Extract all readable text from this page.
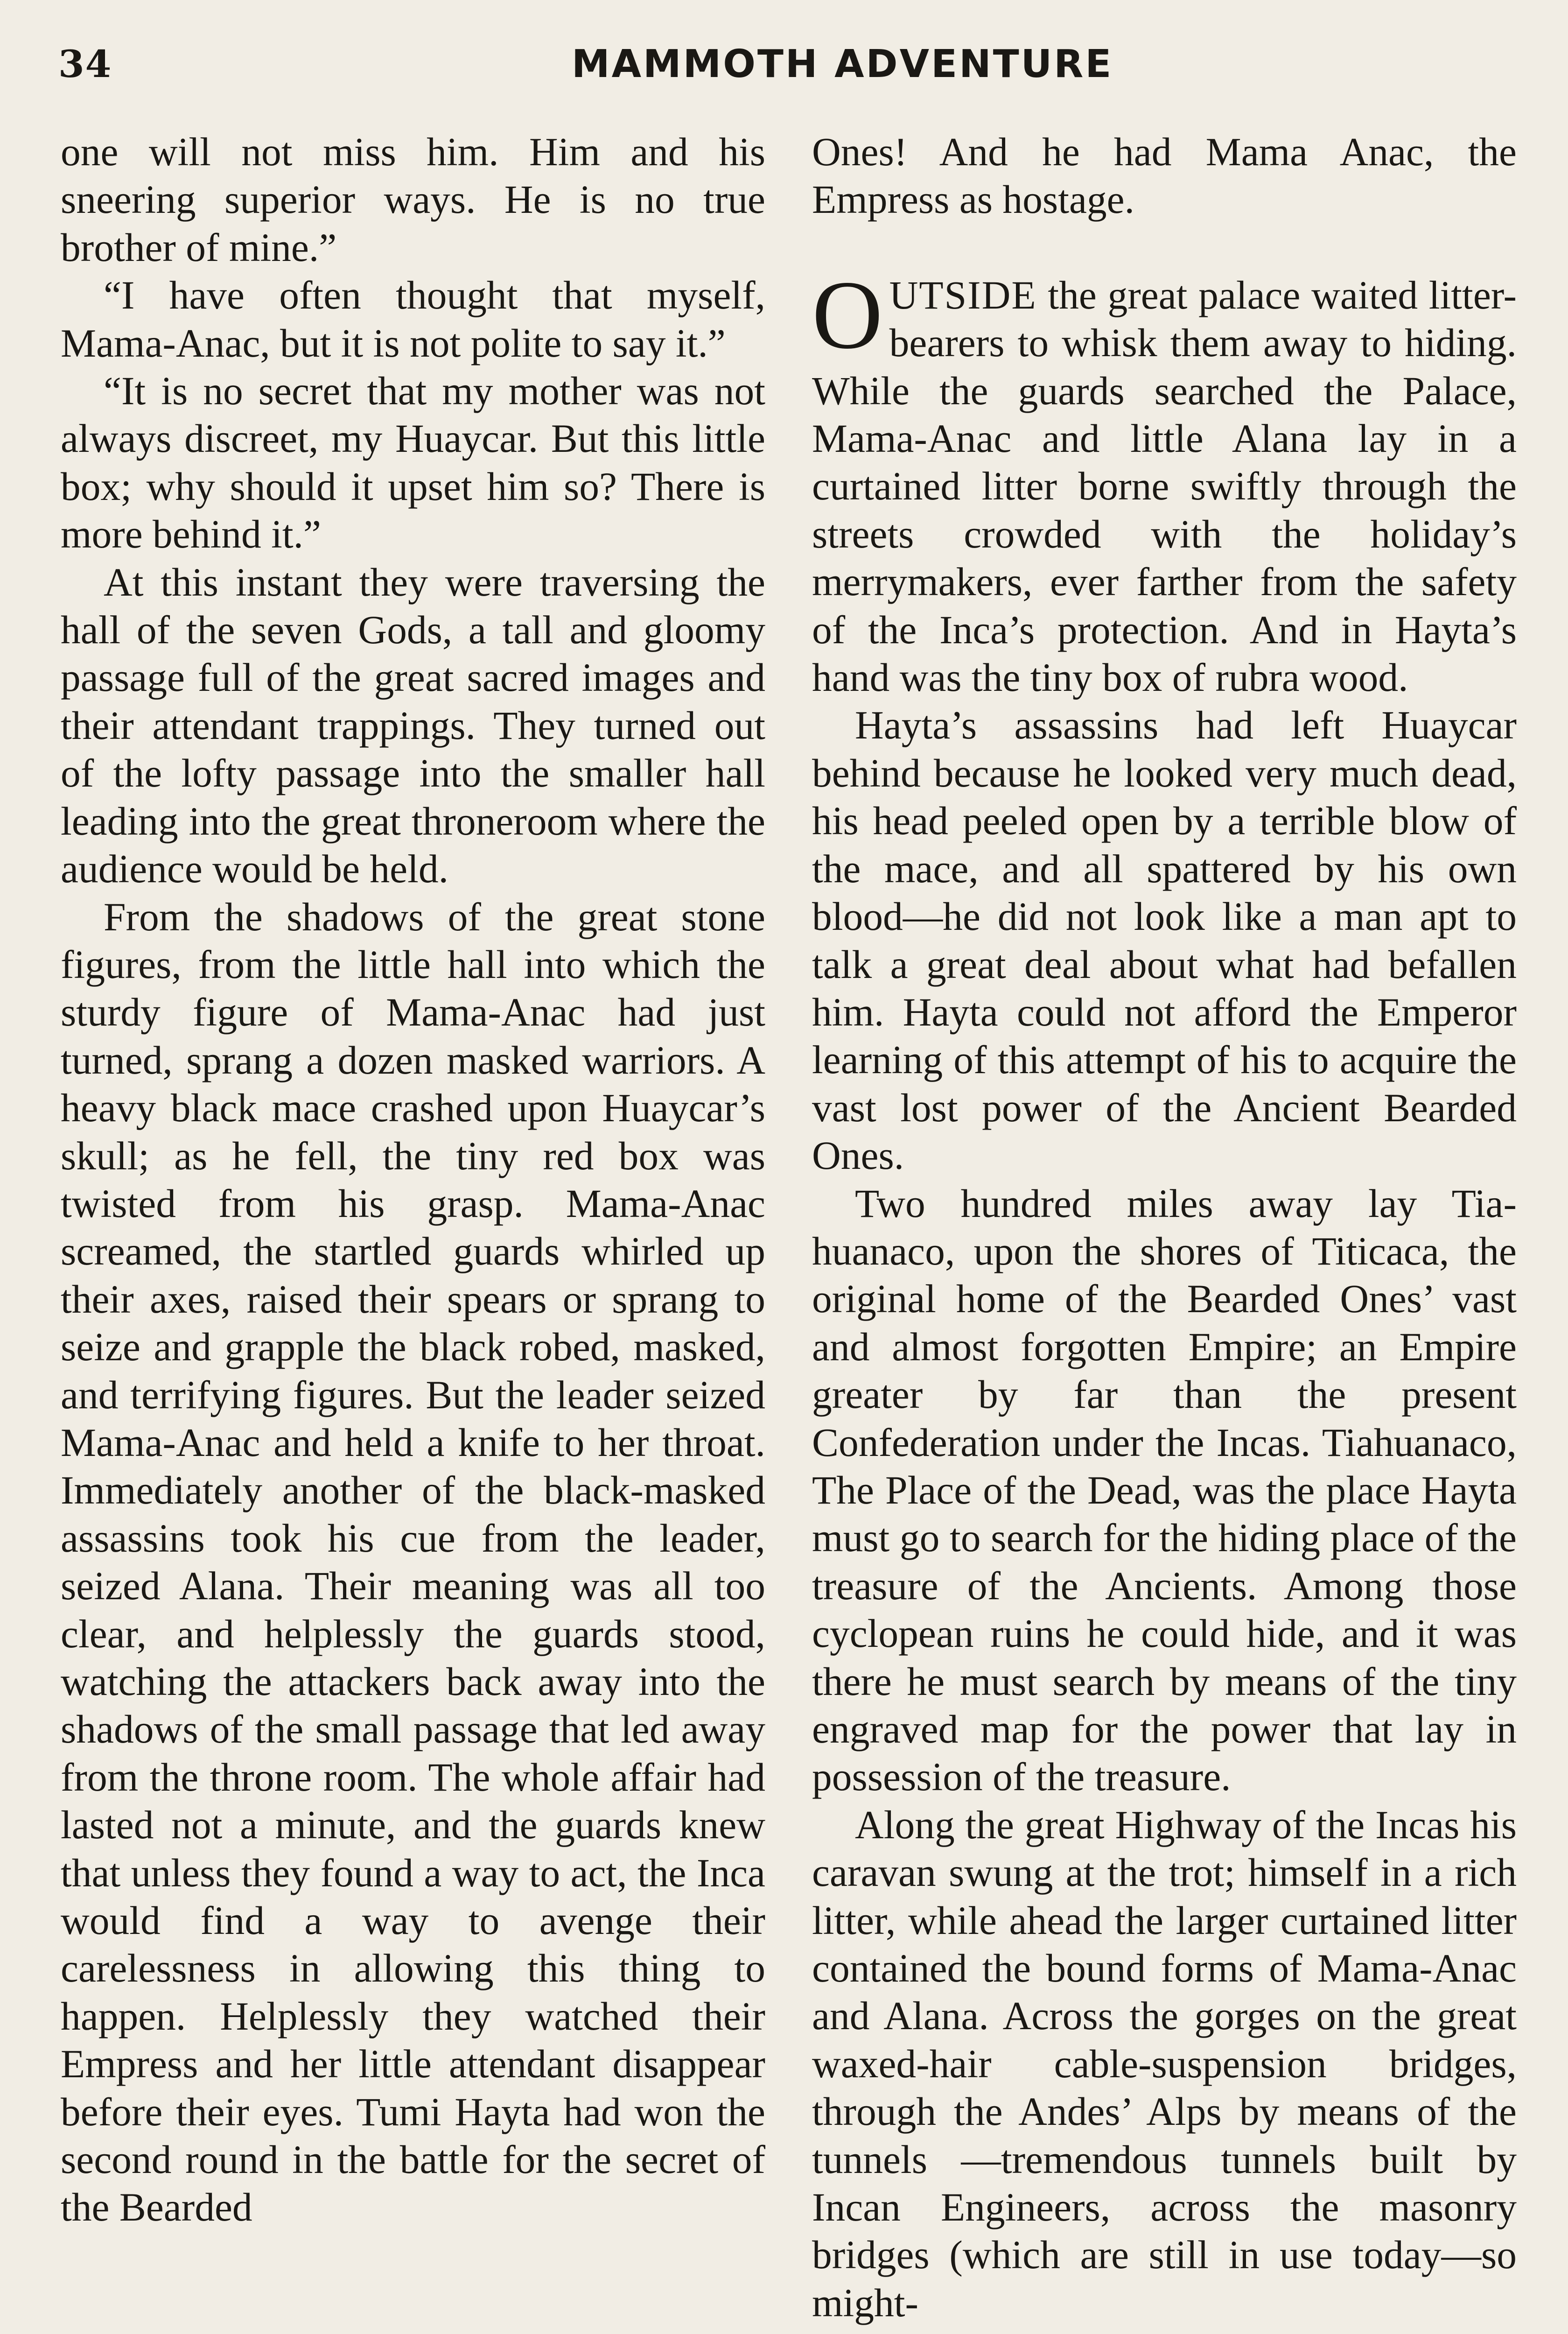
34	MAMMOTH ADVENTURE

one will not miss him. Him and his sneering superior ways. He is no true brother of mine.”

“I have often thought that myself, Mama-Anac, but it is not polite to say it.”

“It is no secret that my mother was not always discreet, my Huaycar. But this little box; why should it upset him so? There is more behind it.”

At this instant they were traversing the hall of the seven Gods, a tall and gloomy passage full of the great sacred images and their attendant trappings. They turned out of the lofty passage into the smaller hall leading into the great throneroom where the audience would be held.

From the shadows of the great stone figures, from the little hall into which the sturdy figure of Mama-Anac had just turned, sprang a dozen masked warriors. A heavy black mace crashed upon Huaycar’s skull; as he fell, the tiny red box was twisted from his grasp. Mama-Anac screamed, the startled guards whirled up their axes, raised their spears or sprang to seize and grapple the black robed, masked, and terrifying figures. But the leader seized Mama-Anac and held a knife to her throat. Immediately another of the black-masked assassins took his cue from the leader, seized Alana. Their meaning was all too clear, and helplessly the guards stood, watching the attackers back away into the shadows of the small passage that led away from the throne room. The whole affair had lasted not a minute, and the guards knew that unless they found a way to act, the Inca would find a way to avenge their carelessness in allowing this thing to happen. Helplessly they watched their Empress and her little attendant disappear before their eyes. Tumi Hayta had won the second round in the battle for the secret of the Bearded

Ones! And he had Mama Anac, the Empress as hostage.

OUTSIDE the great palace waited litter-bearers to whisk them away to hiding. While the guards searched the Palace, Mama-Anac and little Alana lay in a curtained litter borne swiftly through the streets crowded with the holiday’s merrymakers, ever farther from the safety of the Inca’s protection. And in Hayta’s hand was the tiny box of rubra wood.

Hayta’s assassins had left Huaycar behind because he looked very much dead, his head peeled open by a terrible blow of the mace, and all spattered by his own blood—he did not look like a man apt to talk a great deal about what had befallen him. Hayta could not afford the Emperor learning of this attempt of his to acquire the vast lost power of the Ancient Bearded Ones.

Two hundred miles away lay Tiahuanaco, upon the shores of Titicaca, the original home of the Bearded Ones’ vast and almost forgotten Empire; an Empire greater by far than the present Confederation under the Incas. Tiahuanaco, The Place of the Dead, was the place Hayta must go to search for the hiding place of the treasure of the Ancients. Among those cyclopean ruins he could hide, and it was there he must search by means of the tiny engraved map for the power that lay in possession of the treasure.

Along the great Highway of the Incas his caravan swung at the trot; himself in a rich litter, while ahead the larger curtained litter contained the bound forms of Mama-Anac and Alana. Across the gorges on the great waxed-hair cable-suspension bridges, through the Andes’ Alps by means of the tunnels —tremendous tunnels built by Incan Engineers, across the masonry bridges (which are still in use today—so might-
